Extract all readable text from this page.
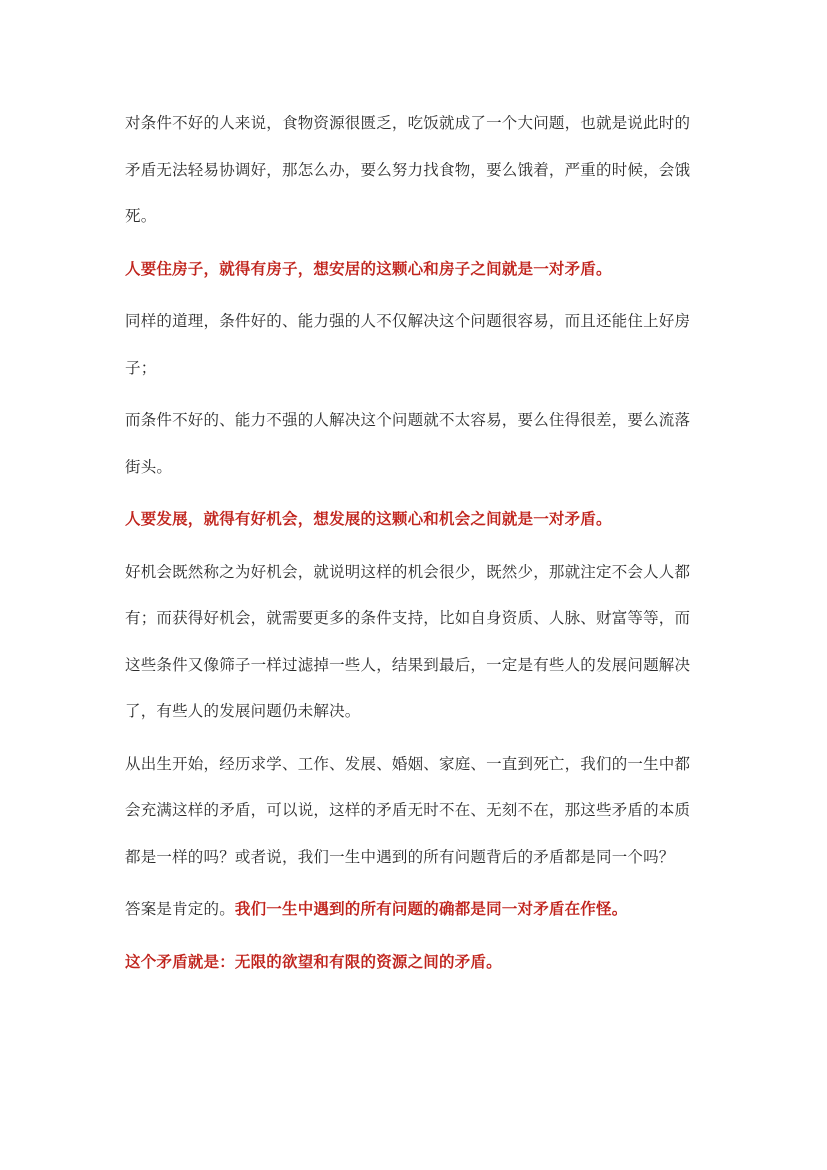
对条件不好的人来说，食物资源很匮乏，吃饭就成了一个大问题，也就是说此时的矛盾无法轻易协调好，那怎么办，要么努力找食物，要么饿着，严重的时候，会饿死。

人要住房子，就得有房子，想安居的这颗心和房子之间就是一对矛盾。

同样的道理，条件好的、能力强的人不仅解决这个问题很容易，而且还能住上好房子；

而条件不好的、能力不强的人解决这个问题就不太容易，要么住得很差，要么流落街头。

人要发展，就得有好机会，想发展的这颗心和机会之间就是一对矛盾。

好机会既然称之为好机会，就说明这样的机会很少，既然少，那就注定不会人人都有；而获得好机会，就需要更多的条件支持，比如自身资质、人脉、财富等等，而这些条件又像筛子一样过滤掉一些人，结果到最后，一定是有些人的发展问题解决了，有些人的发展问题仍未解决。

从出生开始，经历求学、工作、发展、婚姻、家庭、一直到死亡，我们的一生中都会充满这样的矛盾，可以说，这样的矛盾无时不在、无刻不在，那这些矛盾的本质都是一样的吗？或者说，我们一生中遇到的所有问题背后的矛盾都是同一个吗？

答案是肯定的。我们一生中遇到的所有问题的确都是同一对矛盾在作怪。

这个矛盾就是：无限的欲望和有限的资源之间的矛盾。
